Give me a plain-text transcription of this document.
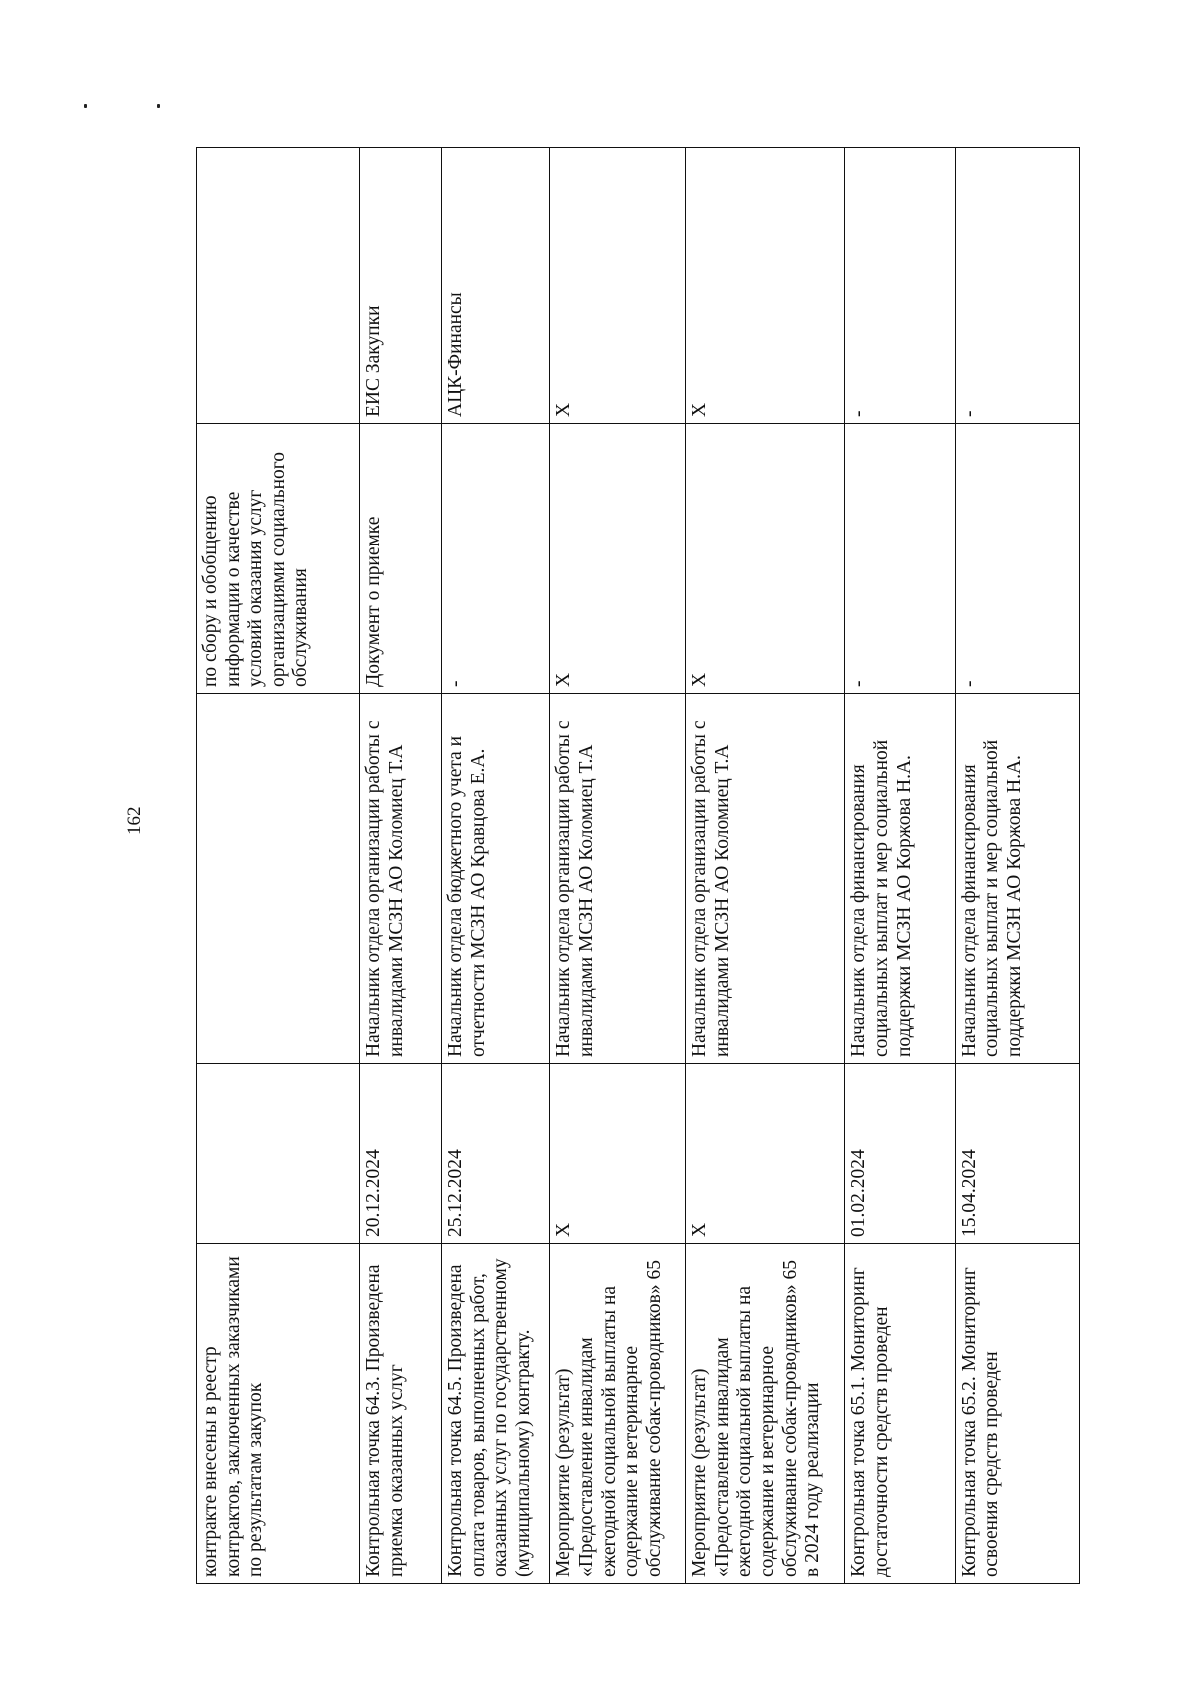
162
контракте внесены в реестр контрактов, заключенных заказчиками по результатам закупок			по сбору и обобщению информации о качестве условий оказания услуг организациями социального обслуживания	

Контрольная точка 64.3. Произведена приемка оказанных услуг	20.12.2024	Начальник отдела организации работы с инвалидами МСЗН АО Коломиец Т.А	Документ о приемке	ЕИС Закупки

Контрольная точка 64.5. Произведена оплата товаров, выполненных работ, оказанных услуг по государственному (муниципальному) контракту.	25.12.2024	Начальник отдела бюджетного учета и отчетности МСЗН АО Кравцова Е.А.	-	АЦК-Финансы

Мероприятие (результат) «Предоставление инвалидам ежегодной социальной выплаты на содержание и ветеринарное обслуживание собак-проводников» 65	X	Начальник отдела организации работы с инвалидами МСЗН АО Коломиец Т.А	X	X

Мероприятие (результат) «Предоставление инвалидам ежегодной социальной выплаты на содержание и ветеринарное обслуживание собак-проводников» 65 в 2024 году реализации	X	Начальник отдела организации работы с инвалидами МСЗН АО Коломиец Т.А	X	X

Контрольная точка 65.1. Мониторинг достаточности средств проведен	01.02.2024	Начальник отдела финансирования социальных выплат и мер социальной поддержки МСЗН АО Коржова Н.А.	-	-

Контрольная точка 65.2. Мониторинг освоения средств проведен	15.04.2024	Начальник отдела финансирования социальных выплат и мер социальной поддержки МСЗН АО Коржова Н.А.	-	-
